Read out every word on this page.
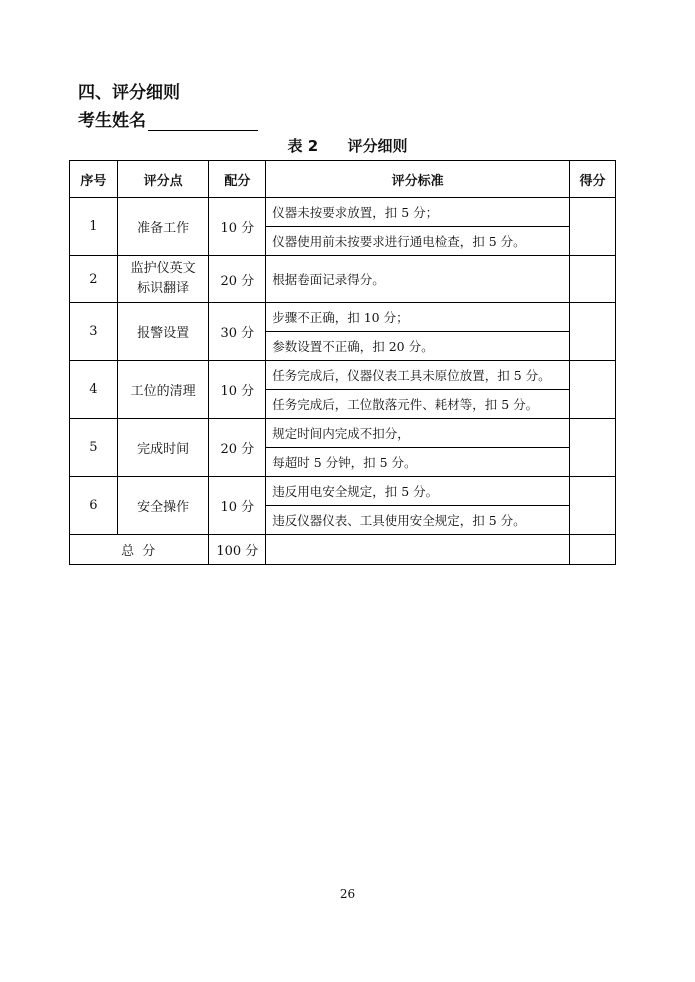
四、评分细则
考生姓名
表 2 评分细则
序号	评分点	配分	评分标准	得分
1	准备工作	10 分	仪器未按要求放置，扣 5 分；	
			仪器使用前未按要求进行通电检查，扣 5 分。	
2	监护仪英文标识翻译	20 分	根据卷面记录得分。	
3	报警设置	30 分	步骤不正确，扣 10 分；	
			参数设置不正确，扣 20 分。	
4	工位的清理	10 分	任务完成后，仪器仪表工具未原位放置，扣 5 分。	
			任务完成后，工位散落元件、耗材等，扣 5 分。	
5	完成时间	20 分	规定时间内完成不扣分，	
			每超时 5 分钟，扣 5 分。	
6	安全操作	10 分	违反用电安全规定，扣 5 分。	
			违反仪器仪表、工具使用安全规定，扣 5 分。	
总 分		100 分		
26
